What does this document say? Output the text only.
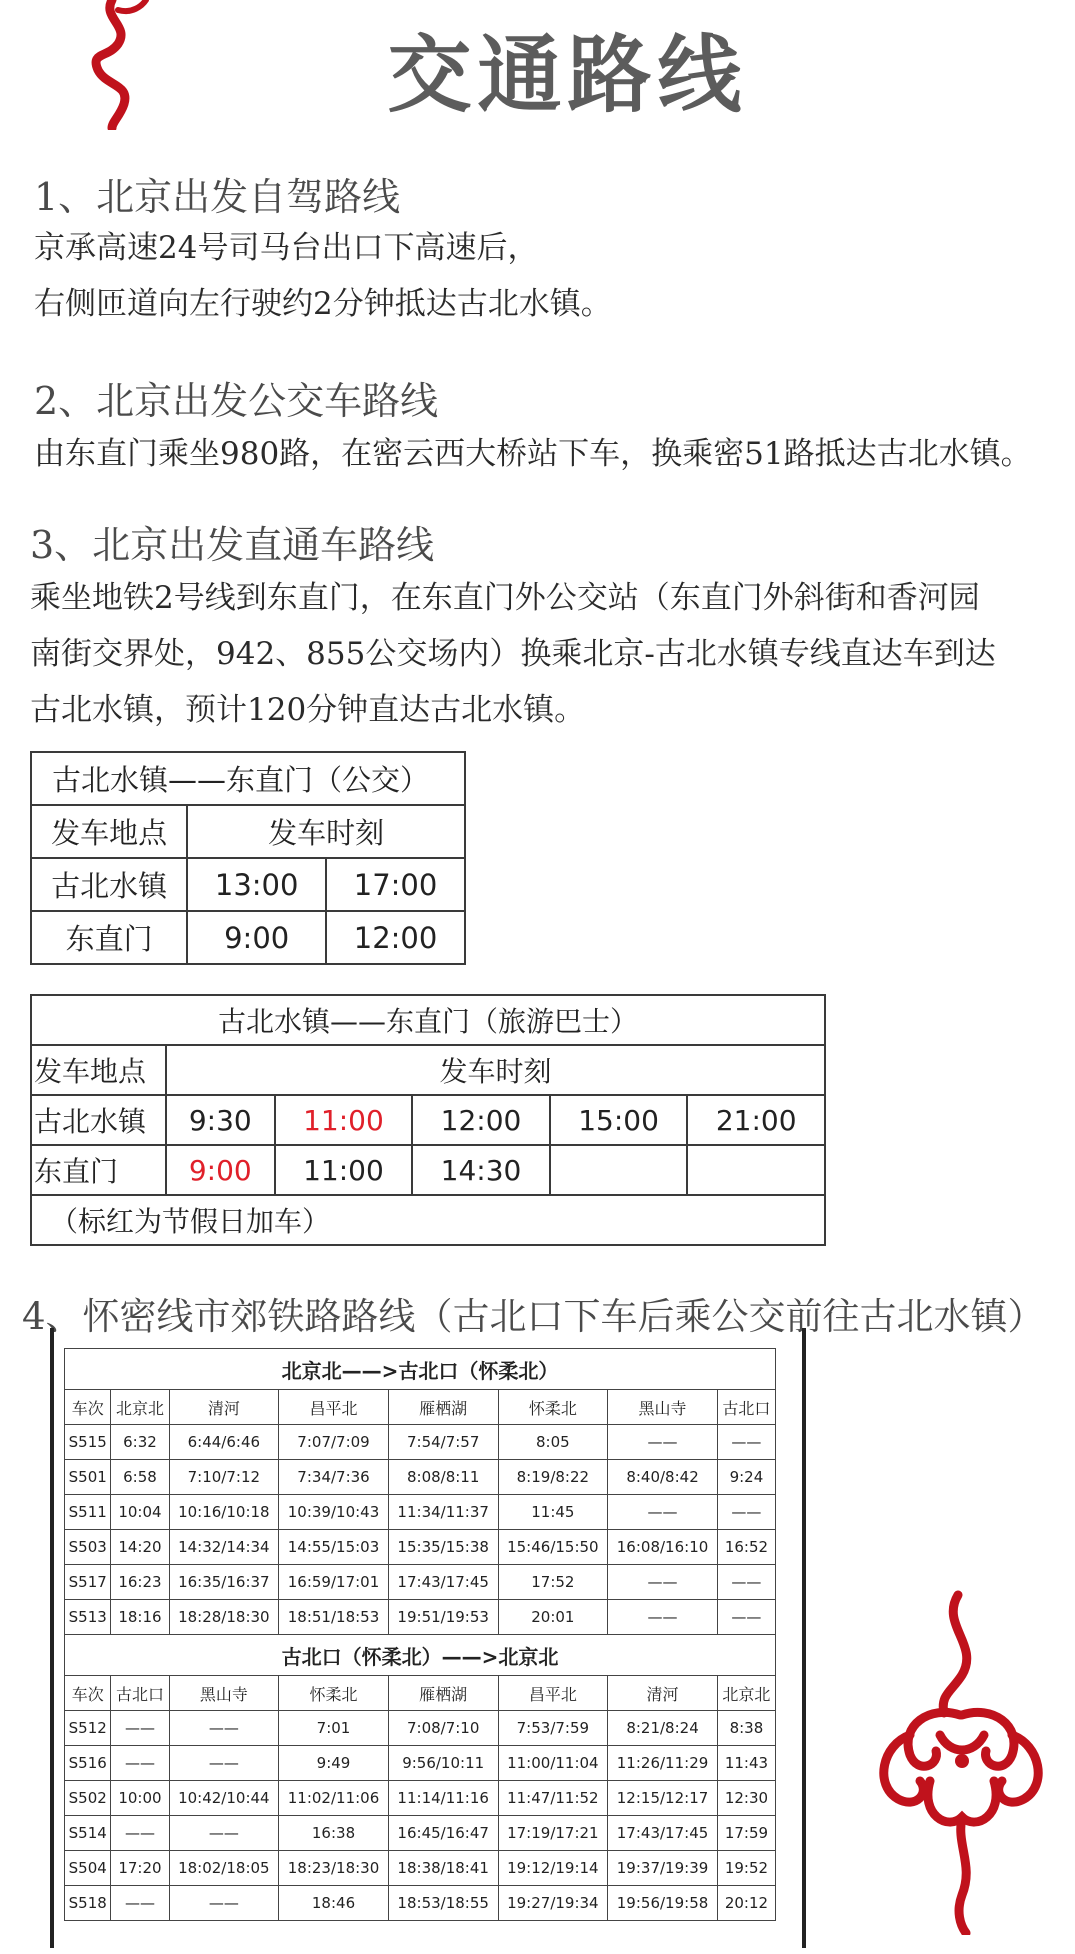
交通路线
1、北京出发自驾路线
京承高速24号司马台出口下高速后，
右侧匝道向左行驶约2分钟抵达古北水镇。
2、北京出发公交车路线
由东直门乘坐980路，在密云西大桥站下车，换乘密51路抵达古北水镇。
3、北京出发直通车路线
乘坐地铁2号线到东直门，在东直门外公交站（东直门外斜街和香河园
南街交界处，942、855公交场内）换乘北京-古北水镇专线直达车到达
古北水镇，预计120分钟直达古北水镇。
古北水镇——东直门（公交）		
发车地点	发车时刻	
古北水镇	13:00	17:00
东直门	9:00	12:00
古北水镇——东直门（旅游巴士）					
发车地点	发车时刻				
古北水镇	9:30	11:00	12:00	15:00	21:00
东直门	9:00	11:00	14:30		
（标红为节假日加车）					
4、怀密线市郊铁路路线（古北口下车后乘公交前往古北水镇）
北京北——>古北口（怀柔北）							
车次	北京北	清河	昌平北	雁栖湖	怀柔北	黑山寺	古北口
S515	6:32	6:44/6:46	7:07/7:09	7:54/7:57	8:05	——	——
S501	6:58	7:10/7:12	7:34/7:36	8:08/8:11	8:19/8:22	8:40/8:42	9:24
S511	10:04	10:16/10:18	10:39/10:43	11:34/11:37	11:45	——	——
S503	14:20	14:32/14:34	14:55/15:03	15:35/15:38	15:46/15:50	16:08/16:10	16:52
S517	16:23	16:35/16:37	16:59/17:01	17:43/17:45	17:52	——	——
S513	18:16	18:28/18:30	18:51/18:53	19:51/19:53	20:01	——	——
古北口（怀柔北）——>北京北							
车次	古北口	黑山寺	怀柔北	雁栖湖	昌平北	清河	北京北
S512	——	——	7:01	7:08/7:10	7:53/7:59	8:21/8:24	8:38
S516	——	——	9:49	9:56/10:11	11:00/11:04	11:26/11:29	11:43
S502	10:00	10:42/10:44	11:02/11:06	11:14/11:16	11:47/11:52	12:15/12:17	12:30
S514	——	——	16:38	16:45/16:47	17:19/17:21	17:43/17:45	17:59
S504	17:20	18:02/18:05	18:23/18:30	18:38/18:41	19:12/19:14	19:37/19:39	19:52
S518	——	——	18:46	18:53/18:55	19:27/19:34	19:56/19:58	20:12
